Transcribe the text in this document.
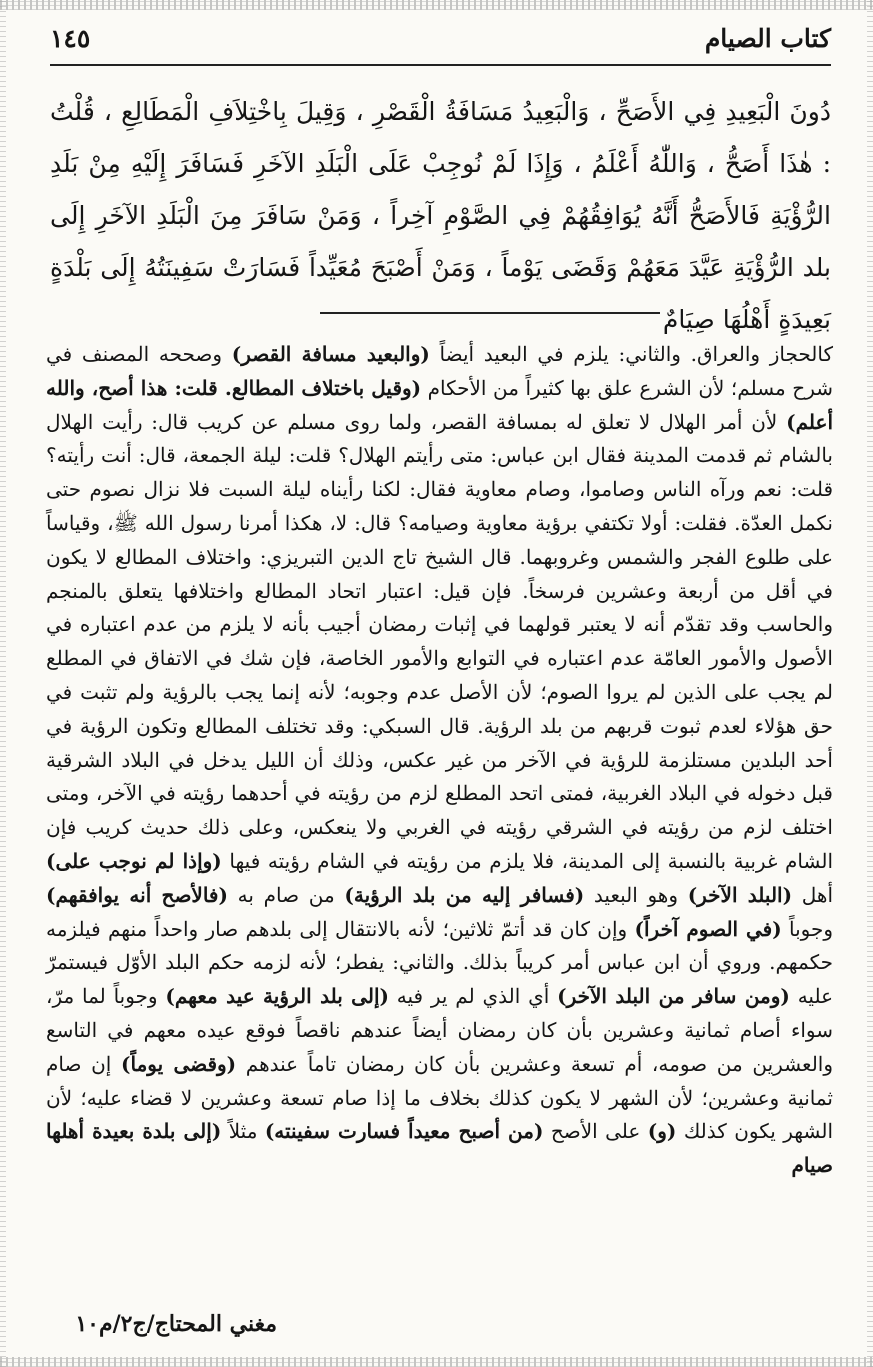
كتاب الصيام
١٤٥

دُونَ الْبَعِيدِ فِي الأَصَحِّ ، وَالْبَعِيدُ مَسَافَةُ الْقَصْرِ ، وَقِيلَ بِاخْتِلاَفِ الْمَطَالِعِ ، قُلْتُ : هٰذَا أَصَحُّ ، وَاللّٰهُ أَعْلَمُ ، وَإِذَا لَمْ نُوجِبْ عَلَى الْبَلَدِ الآخَرِ فَسَافَرَ إِلَيْهِ مِنْ بَلَدِ الرُّؤْيَةِ فَالأَصَحُّ أَنَّهُ يُوَافِقُهُمْ فِي الصَّوْمِ آخِراً ، وَمَنْ سَافَرَ مِنَ الْبَلَدِ الآخَرِ إِلَى بلد الرُّؤْيَةِ عَيَّدَ مَعَهُمْ وَقَضَى يَوْماً ، وَمَنْ أَصْبَحَ مُعَيِّداً فَسَارَتْ سَفِينَتُهُ إِلَى بَلْدَةٍ بَعِيدَةٍ أَهْلُهَا صِيَامٌ

كالحجاز والعراق. والثاني: يلزم في البعيد أيضاً (والبعيد مسافة القصر) وصححه المصنف في شرح مسلم؛ لأن الشرع علق بها كثيراً من الأحكام (وقيل باختلاف المطالع. قلت: هذا أصح، والله أعلم) لأن أمر الهلال لا تعلق له بمسافة القصر، ولما روى مسلم عن كريب قال: رأيت الهلال بالشام ثم قدمت المدينة فقال ابن عباس: متى رأيتم الهلال؟ قلت: ليلة الجمعة، قال: أنت رأيته؟ قلت: نعم ورآه الناس وصاموا، وصام معاوية فقال: لكنا رأيناه ليلة السبت فلا نزال نصوم حتى نكمل العدّة. فقلت: أولا تكتفي برؤية معاوية وصيامه؟ قال: لا، هكذا أمرنا رسول الله ﷺ، وقياساً على طلوع الفجر والشمس وغروبهما. قال الشيخ تاج الدين التبريزي: واختلاف المطالع لا يكون في أقل من أربعة وعشرين فرسخاً. فإن قيل: اعتبار اتحاد المطالع واختلافها يتعلق بالمنجم والحاسب وقد تقدّم أنه لا يعتبر قولهما في إثبات رمضان أجيب بأنه لا يلزم من عدم اعتباره في الأصول والأمور العامّة عدم اعتباره في التوابع والأمور الخاصة، فإن شك في الاتفاق في المطلع لم يجب على الذين لم يروا الصوم؛ لأن الأصل عدم وجوبه؛ لأنه إنما يجب بالرؤية ولم تثبت في حق هؤلاء لعدم ثبوت قربهم من بلد الرؤية. قال السبكي: وقد تختلف المطالع وتكون الرؤية في أحد البلدين مستلزمة للرؤية في الآخر من غير عكس، وذلك أن الليل يدخل في البلاد الشرقية قبل دخوله في البلاد الغربية، فمتى اتحد المطلع لزم من رؤيته في أحدهما رؤيته في الآخر، ومتى اختلف لزم من رؤيته في الشرقي رؤيته في الغربي ولا ينعكس، وعلى ذلك حديث كريب فإن الشام غربية بالنسبة إلى المدينة، فلا يلزم من رؤيته في الشام رؤيته فيها (وإذا لم نوجب على) أهل (البلد الآخر) وهو البعيد (فسافر إليه من بلد الرؤية) من صام به (فالأصح أنه يوافقهم) وجوباً (في الصوم آخراً) وإن كان قد أتمّ ثلاثين؛ لأنه بالانتقال إلى بلدهم صار واحداً منهم فيلزمه حكمهم. وروي أن ابن عباس أمر كريباً بذلك. والثاني: يفطر؛ لأنه لزمه حكم البلد الأوّل فيستمرّ عليه (ومن سافر من البلد الآخر) أي الذي لم ير فيه (إلى بلد الرؤية عيد معهم) وجوباً لما مرّ، سواء أصام ثمانية وعشرين بأن كان رمضان أيضاً عندهم ناقصاً فوقع عيده معهم في التاسع والعشرين من صومه، أم تسعة وعشرين بأن كان رمضان تاماً عندهم (وقضى يوماً) إن صام ثمانية وعشرين؛ لأن الشهر لا يكون كذلك بخلاف ما إذا صام تسعة وعشرين لا قضاء عليه؛ لأن الشهر يكون كذلك (و) على الأصح (من أصبح معيداً فسارت سفينته) مثلاً (إلى بلدة بعيدة أهلها صيام

مغني المحتاج/ج٢/م١٠
